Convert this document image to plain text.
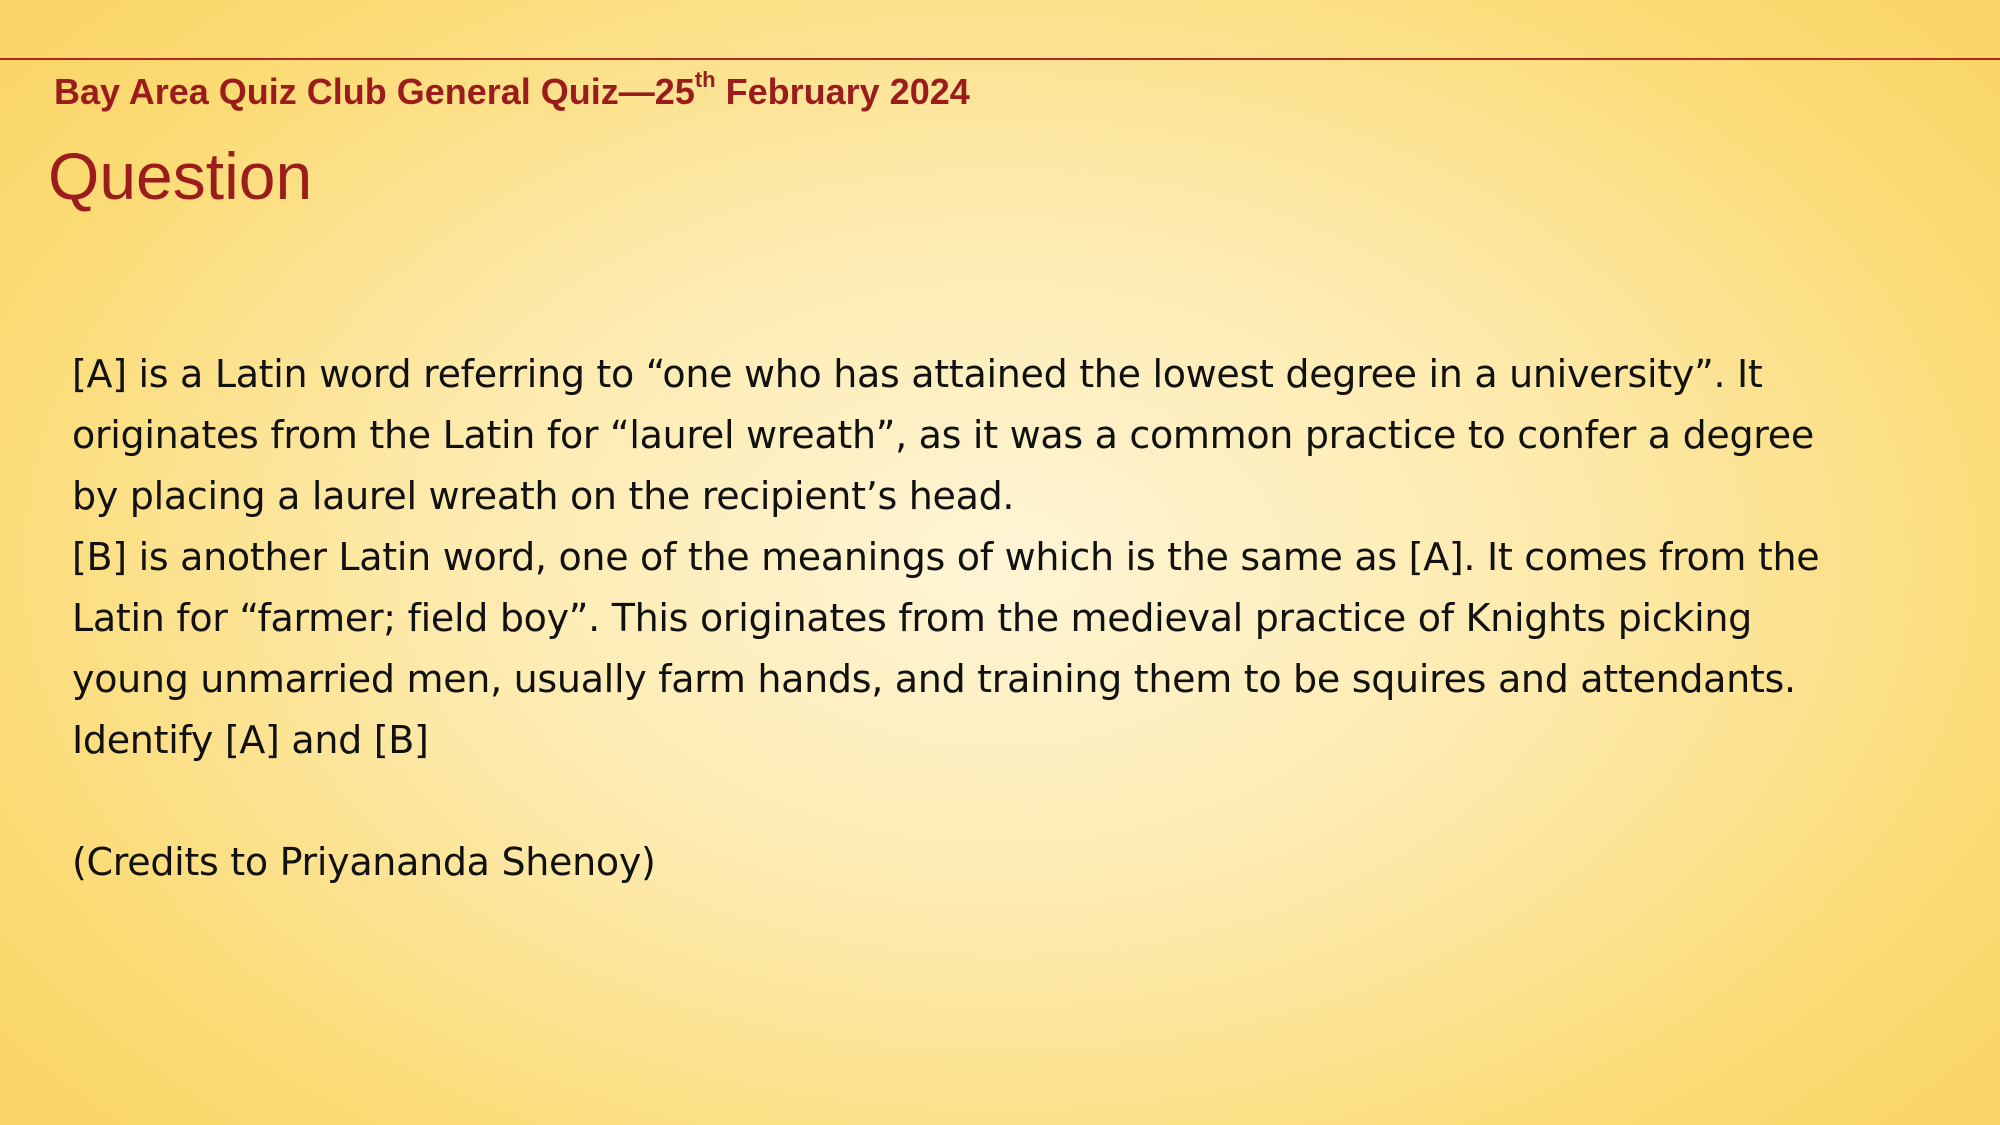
Bay Area Quiz Club General Quiz—25th February 2024
Question
[A] is a Latin word referring to “one who has attained the lowest degree in a university”. It
originates from the Latin for “laurel wreath”, as it was a common practice to confer a degree
by placing a laurel wreath on the recipient’s head.
[B] is another Latin word, one of the meanings of which is the same as [A]. It comes from the
Latin for “farmer; field boy”. This originates from the medieval practice of Knights picking
young unmarried men, usually farm hands, and training them to be squires and attendants.
Identify [A] and [B]
(Credits to Priyananda Shenoy)
